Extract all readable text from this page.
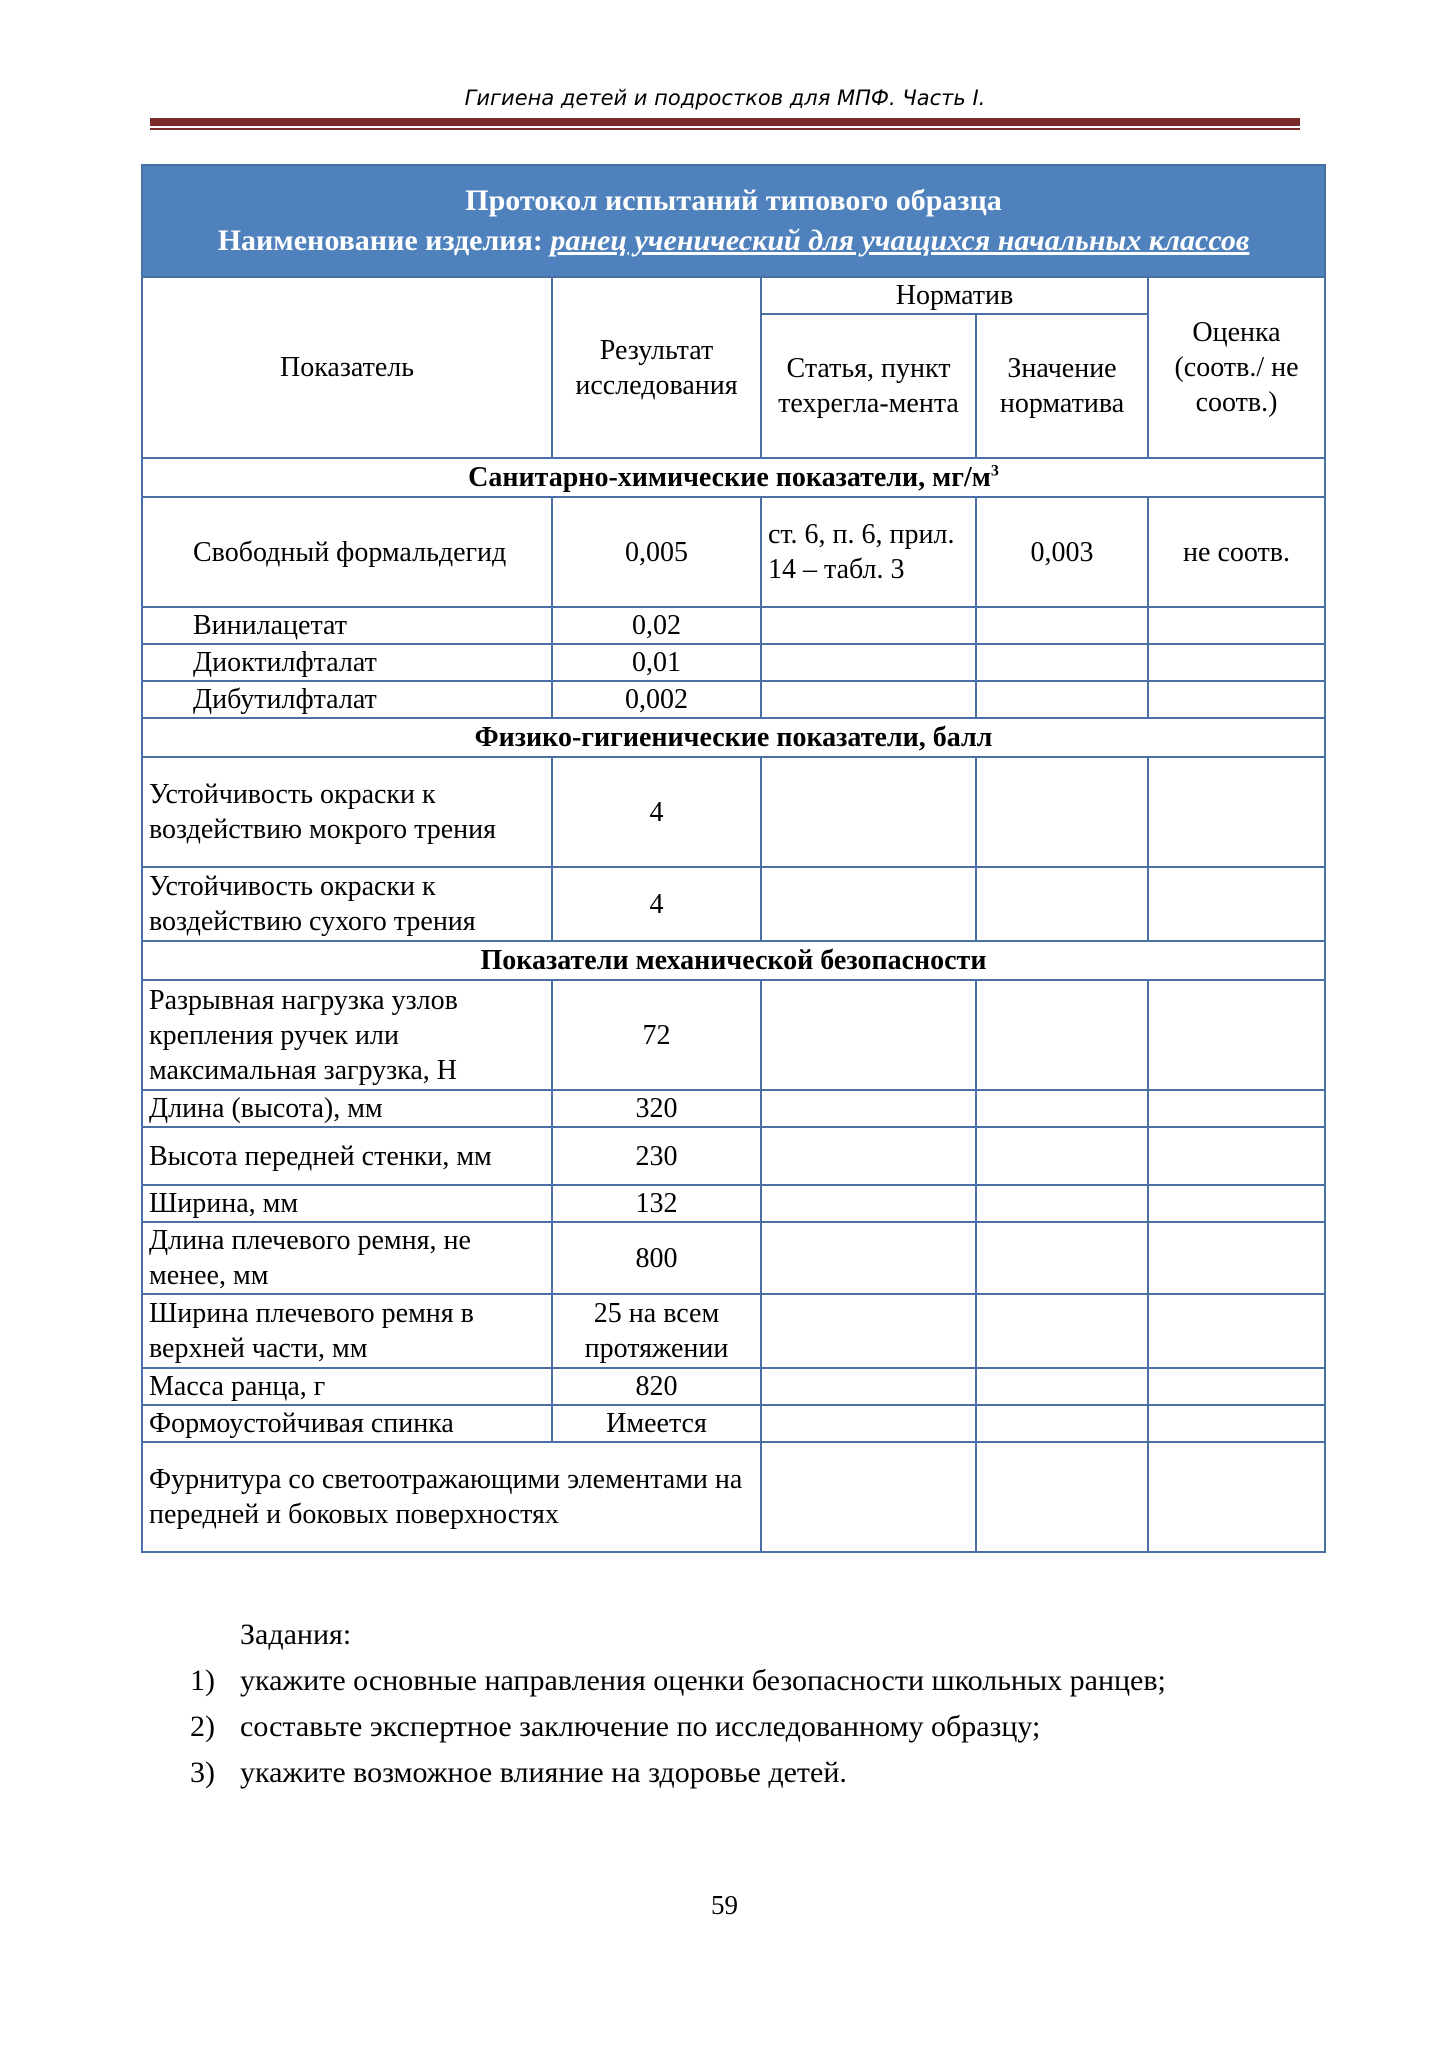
Гигиена детей и подростков для МПФ. Часть I.
Протокол испытаний типового образца
Наименование изделия: ранец ученический для учащихся начальных классов				

Показатель	Результат исследования	Норматив		Оценка (соотв./ не соотв.)
		Статья, пункт техрегла-мента	Значение норматива	
Санитарно-химические показатели, $мг/м^3$
Свободный формальдегид	0,005	ст. 6, п. 6, прил. 14 – табл. 3	0,003	не соотв.
Винилацетат	0,02			
Диоктилфталат	0,01			
Дибутилфталат	0,002			
Физико-гигиенические показатели, балл				
Устойчивость окраски к воздействию мокрого трения	4			
Устойчивость окраски к воздействию сухого трения	4			
Показатели механической безопасности				
Разрывная нагрузка узлов крепления ручек или максимальная загрузка, Н	72			
Длина (высота), мм	320			
Высота передней стенки, мм	230			
Ширина, мм	132			
Длина плечевого ремня, не менее, мм	800			
Ширина плечевого ремня в верхней части, мм	25 на всем протяжении			
Масса ранца, г	820			
Формоустойчивая спинка	Имеется			
Фурнитура со светоотражающими элементами на передней и боковых поверхностях				
Задания:
1) укажите основные направления оценки безопасности школьных ранцев;
2) составьте экспертное заключение по исследованному образцу;
3) укажите возможное влияние на здоровье детей.
59
